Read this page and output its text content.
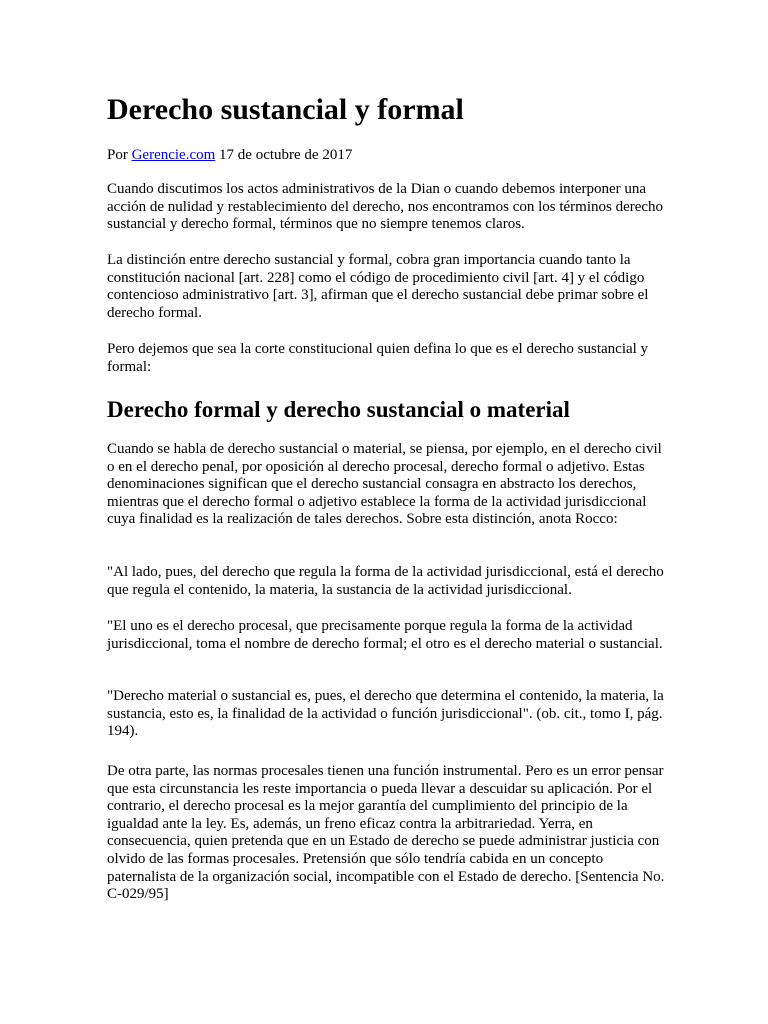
Derecho sustancial y formal

Por Gerencie.com 17 de octubre de 2017

Cuando discutimos los actos administrativos de la Dian o cuando debemos interponer una acción de nulidad y restablecimiento del derecho, nos encontramos con los términos derecho sustancial y derecho formal, términos que no siempre tenemos claros.

La distinción entre derecho sustancial y formal, cobra gran importancia cuando tanto la constitución nacional [art. 228] como el código de procedimiento civil [art. 4] y el código contencioso administrativo [art. 3], afirman que el derecho sustancial debe primar sobre el derecho formal.

Pero dejemos que sea la corte constitucional quien defina lo que es el derecho sustancial y formal:

Derecho formal y derecho sustancial o material

Cuando se habla de derecho sustancial o material, se piensa, por ejemplo, en el derecho civil o en el derecho penal, por oposición al derecho procesal, derecho formal o adjetivo. Estas denominaciones significan que el derecho sustancial consagra en abstracto los derechos, mientras que el derecho formal o adjetivo establece la forma de la actividad jurisdiccional cuya finalidad es la realización de tales derechos. Sobre esta distinción, anota Rocco:

"Al lado, pues, del derecho que regula la forma de la actividad jurisdiccional, está el derecho que regula el contenido, la materia, la sustancia de la actividad jurisdiccional.

"El uno es el derecho procesal, que precisamente porque regula la forma de la actividad jurisdiccional, toma el nombre de derecho formal; el otro es el derecho material o sustancial.

"Derecho material o sustancial es, pues, el derecho que determina el contenido, la materia, la sustancia, esto es, la finalidad de la actividad o función jurisdiccional". (ob. cit., tomo I, pág. 194).

De otra parte, las normas procesales tienen una función instrumental. Pero es un error pensar que esta circunstancia les reste importancia o pueda llevar a descuidar su aplicación. Por el contrario, el derecho procesal es la mejor garantía del cumplimiento del principio de la igualdad ante la ley. Es, además, un freno eficaz contra la arbitrariedad. Yerra, en consecuencia, quien pretenda que en un Estado de derecho se puede administrar justicia con olvido de las formas procesales. Pretensión que sólo tendría cabida en un concepto paternalista de la organización social, incompatible con el Estado de derecho. [Sentencia No. C-029/95]
